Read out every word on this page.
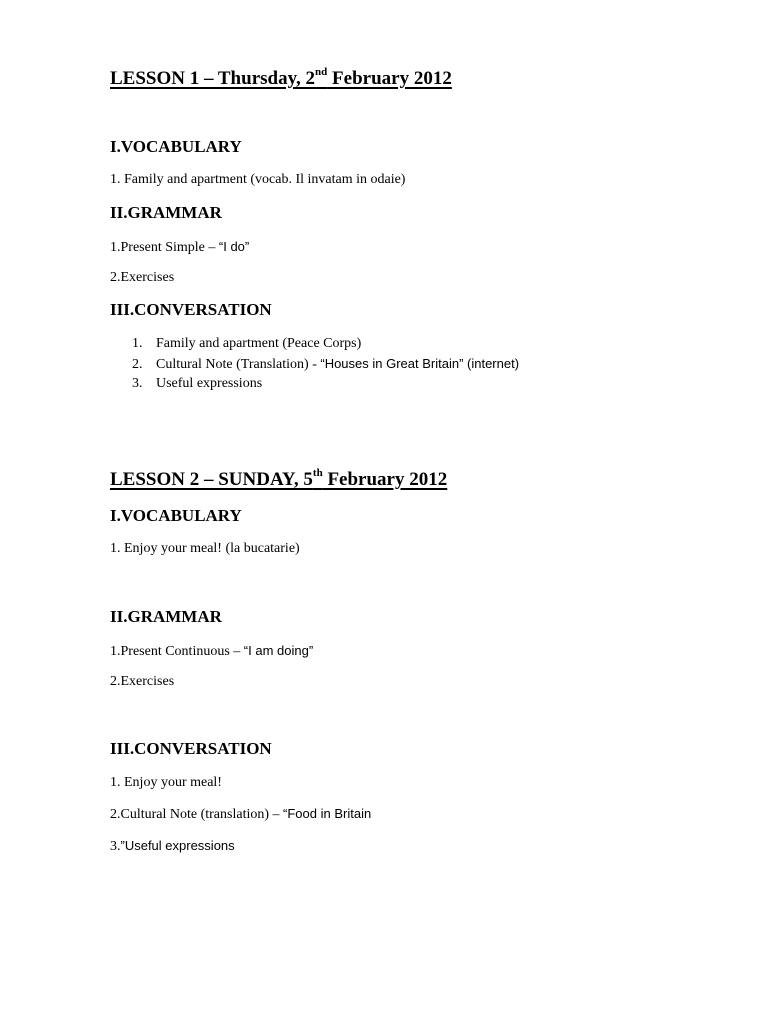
LESSON 1 – Thursday, 2nd February 2012
I.VOCABULARY

1. Family and apartment (vocab. Il invatam in odaie)

II.GRAMMAR

1.Present Simple – “I do”

2.Exercises

III.CONVERSATION
1. Family and apartment (Peace Corps)
2. Cultural Note (Translation) - “Houses in Great Britain” (internet)
3. Useful expressions
LESSON 2 – SUNDAY, 5th February 2012
I.VOCABULARY

1. Enjoy your meal! (la bucatarie)

II.GRAMMAR

1.Present Continuous – “I am doing”

2.Exercises

III.CONVERSATION

1. Enjoy your meal!

2.Cultural Note (translation) – “Food in Britain

3.”Useful expressions
